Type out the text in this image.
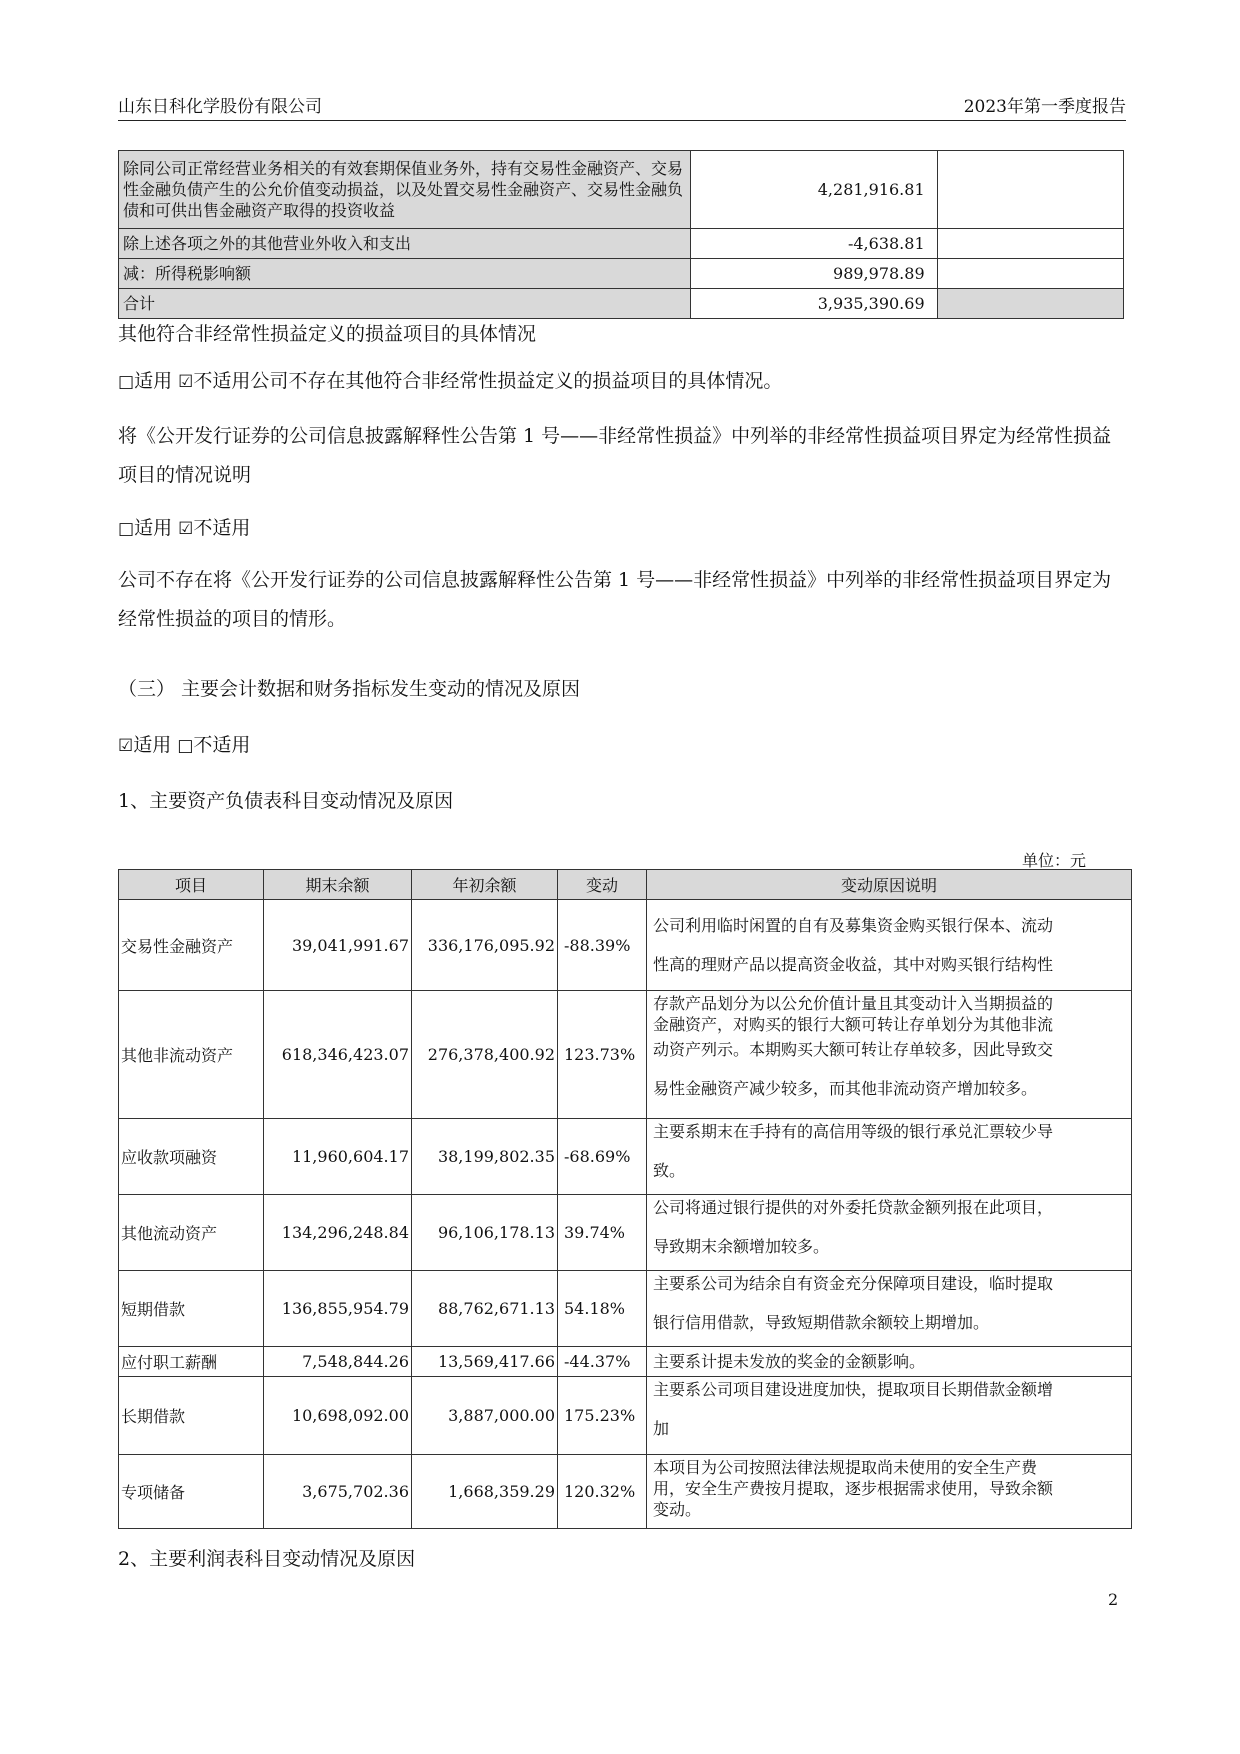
山东日科化学股份有限公司	2023年第一季度报告
除同公司正常经营业务相关的有效套期保值业务外，持有交易性金融资产、交易性金融负债产生的公允价值变动损益，以及处置交易性金融资产、交易性金融负债和可供出售金融资产取得的投资收益	4,281,916.81	
除上述各项之外的其他营业外收入和支出	-4,638.81	
减：所得税影响额	989,978.89	
合计	3,935,390.69	
其他符合非经常性损益定义的损益项目的具体情况
□适用 ☑不适用公司不存在其他符合非经常性损益定义的损益项目的具体情况。
将《公开发行证券的公司信息披露解释性公告第 1 号——非经常性损益》中列举的非经常性损益项目界定为经常性损益项目的情况说明
□适用 ☑不适用
公司不存在将《公开发行证券的公司信息披露解释性公告第 1 号——非经常性损益》中列举的非经常性损益项目界定为经常性损益的项目的情形。
（三） 主要会计数据和财务指标发生变动的情况及原因
☑适用 □不适用
1、主要资产负债表科目变动情况及原因
单位：元
项目	期末余额	年初余额	变动	变动原因说明
交易性金融资产	39,041,991.67	336,176,095.92	-88.39%	公司利用临时闲置的自有及募集资金购买银行保本、流动
性高的理财产品以提高资金收益，其中对购买银行结构性

其他非流动资产	618,346,423.07	276,378,400.92	123.73%	存款产品划分为以公允价值计量且其变动计入当期损益的
金融资产，对购买的银行大额可转让存单划分为其他非流
动资产列示。本期购买大额可转让存单较多，因此导致交
易性金融资产减少较多，而其他非流动资产增加较多。

应收款项融资	11,960,604.17	38,199,802.35	-68.69%	主要系期末在手持有的高信用等级的银行承兑汇票较少导
致。

其他流动资产	134,296,248.84	96,106,178.13	39.74%	公司将通过银行提供的对外委托贷款金额列报在此项目，
导致期末余额增加较多。

短期借款	136,855,954.79	88,762,671.13	54.18%	主要系公司为结余自有资金充分保障项目建设，临时提取
银行信用借款，导致短期借款余额较上期增加。

应付职工薪酬	7,548,844.26	13,569,417.66	-44.37%	主要系计提未发放的奖金的金额影响。

长期借款	10,698,092.00	3,887,000.00	175.23%	主要系公司项目建设进度加快，提取项目长期借款金额增
加

专项储备	3,675,702.36	1,668,359.29	120.32%	本项目为公司按照法律法规提取尚未使用的安全生产费
用，安全生产费按月提取，逐步根据需求使用，导致余额
变动。
2、主要利润表科目变动情况及原因
2
